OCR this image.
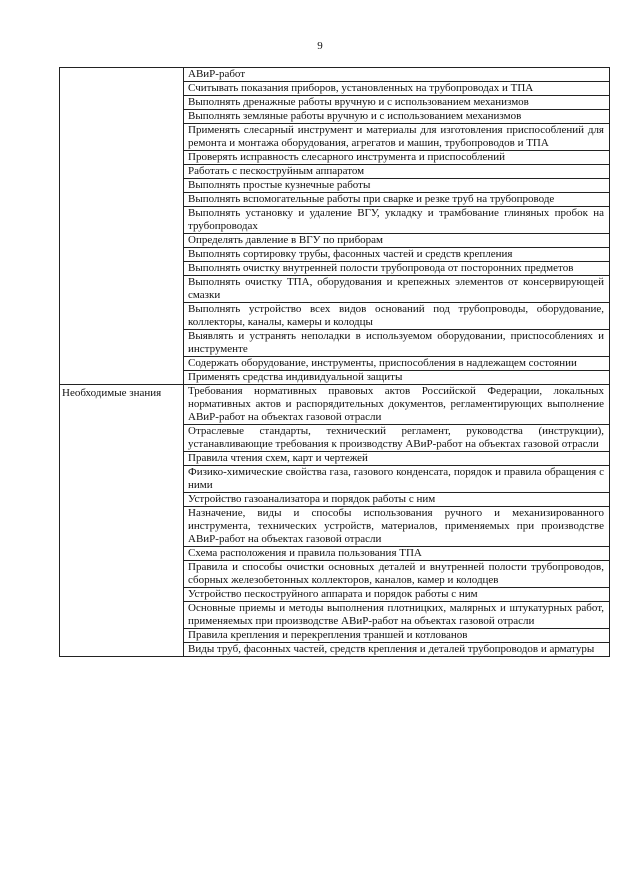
9
АВиР-работ
Считывать показания приборов, установленных на трубопроводах и ТПА
Выполнять дренажные работы вручную и с использованием механизмов
Выполнять земляные работы вручную и с использованием механизмов
Применять слесарный инструмент и материалы для изготовления приспособлений для ремонта и монтажа оборудования, агрегатов и машин, трубопроводов и ТПА
Проверять исправность слесарного инструмента и приспособлений
Работать с пескоструйным аппаратом
Выполнять простые кузнечные работы
Выполнять вспомогательные работы при сварке и резке труб на трубопроводе
Выполнять установку и удаление ВГУ, укладку и трамбование глиняных пробок на трубопроводах
Определять давление в ВГУ по приборам
Выполнять сортировку трубы, фасонных частей и средств крепления
Выполнять очистку внутренней полости трубопровода от посторонних предметов
Выполнять очистку ТПА, оборудования и крепежных элементов от консервирующей смазки
Выполнять устройство всех видов оснований под трубопроводы, оборудование, коллекторы, каналы, камеры и колодцы
Выявлять и устранять неполадки в используемом оборудовании, приспособлениях и инструменте
Содержать оборудование, инструменты, приспособления в надлежащем состоянии
Применять средства индивидуальной защиты
Необходимые знания	Требования нормативных правовых актов Российской Федерации, локальных нормативных актов и распорядительных документов, регламентирующих выполнение АВиР-работ на объектах газовой отрасли
Отраслевые стандарты, технический регламент, руководства (инструкции), устанавливающие требования к производству АВиР-работ на объектах газовой отрасли
Правила чтения схем, карт и чертежей
Физико-химические свойства газа, газового конденсата, порядок и правила обращения с ними
Устройство газоанализатора и порядок работы с ним
Назначение, виды и способы использования ручного и механизированного инструмента, технических устройств, материалов, применяемых при производстве АВиР-работ на объектах газовой отрасли
Схема расположения и правила пользования ТПА
Правила и способы очистки основных деталей и внутренней полости трубопроводов, сборных железобетонных коллекторов, каналов, камер и колодцев
Устройство пескоструйного аппарата и порядок работы с ним
Основные приемы и методы выполнения плотницких, малярных и штукатурных работ, применяемых при производстве АВиР-работ на объектах газовой отрасли
Правила крепления и перекрепления траншей и котлованов
Виды труб, фасонных частей, средств крепления и деталей трубопроводов и арматуры
